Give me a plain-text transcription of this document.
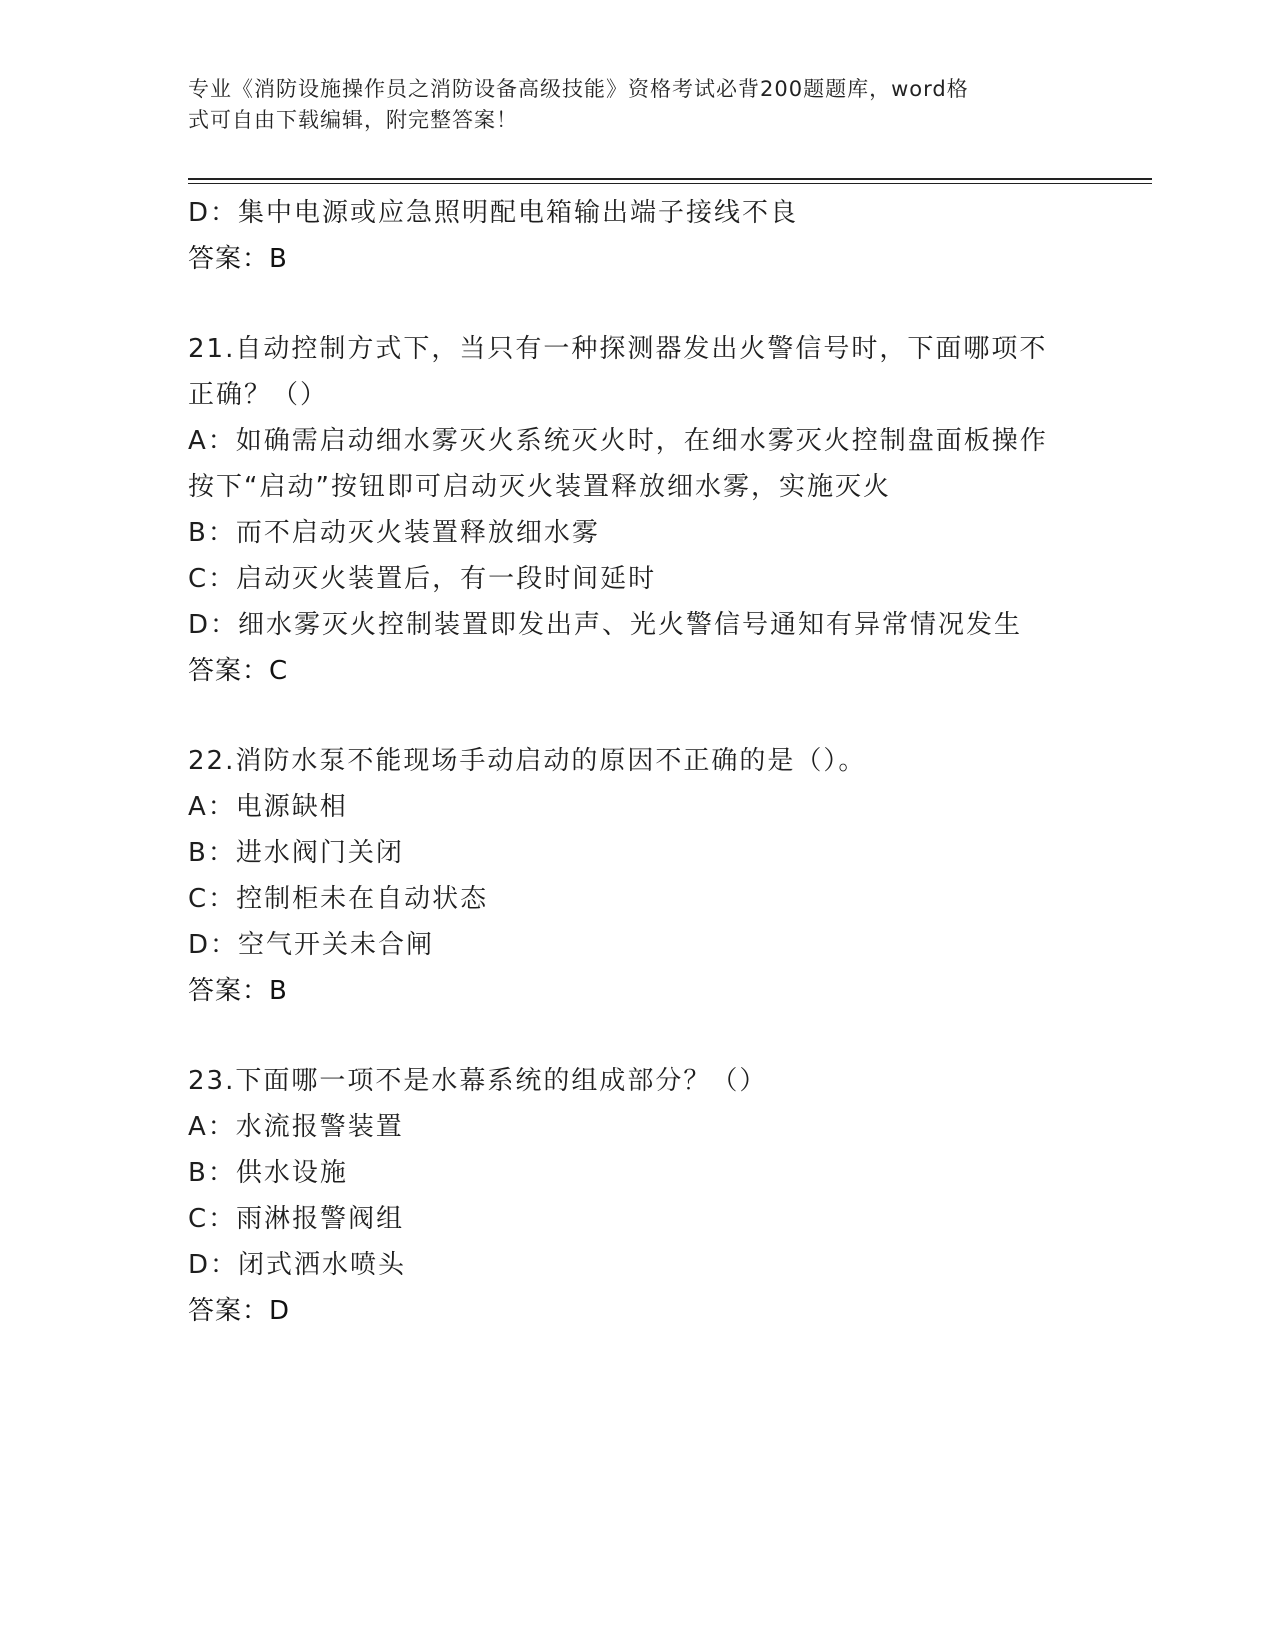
专业《消防设施操作员之消防设备高级技能》资格考试必背200题题库，word格

式可自由下载编辑，附完整答案！

D：集中电源或应急照明配电箱输出端子接线不良
答案：B
21.自动控制方式下，当只有一种探测器发出火警信号时，下面哪项不
正确？（）
A：如确需启动细水雾灭火系统灭火时，在细水雾灭火控制盘面板操作
按下“启动”按钮即可启动灭火装置释放细水雾，实施灭火
B：而不启动灭火装置释放细水雾
C：启动灭火装置后，有一段时间延时
D：细水雾灭火控制装置即发出声、光火警信号通知有异常情况发生
答案：C
22.消防水泵不能现场手动启动的原因不正确的是（）。
A：电源缺相
B：进水阀门关闭
C：控制柜未在自动状态
D：空气开关未合闸
答案：B
23.下面哪一项不是水幕系统的组成部分？（）
A：水流报警装置
B：供水设施
C：雨淋报警阀组
D：闭式洒水喷头
答案：D
